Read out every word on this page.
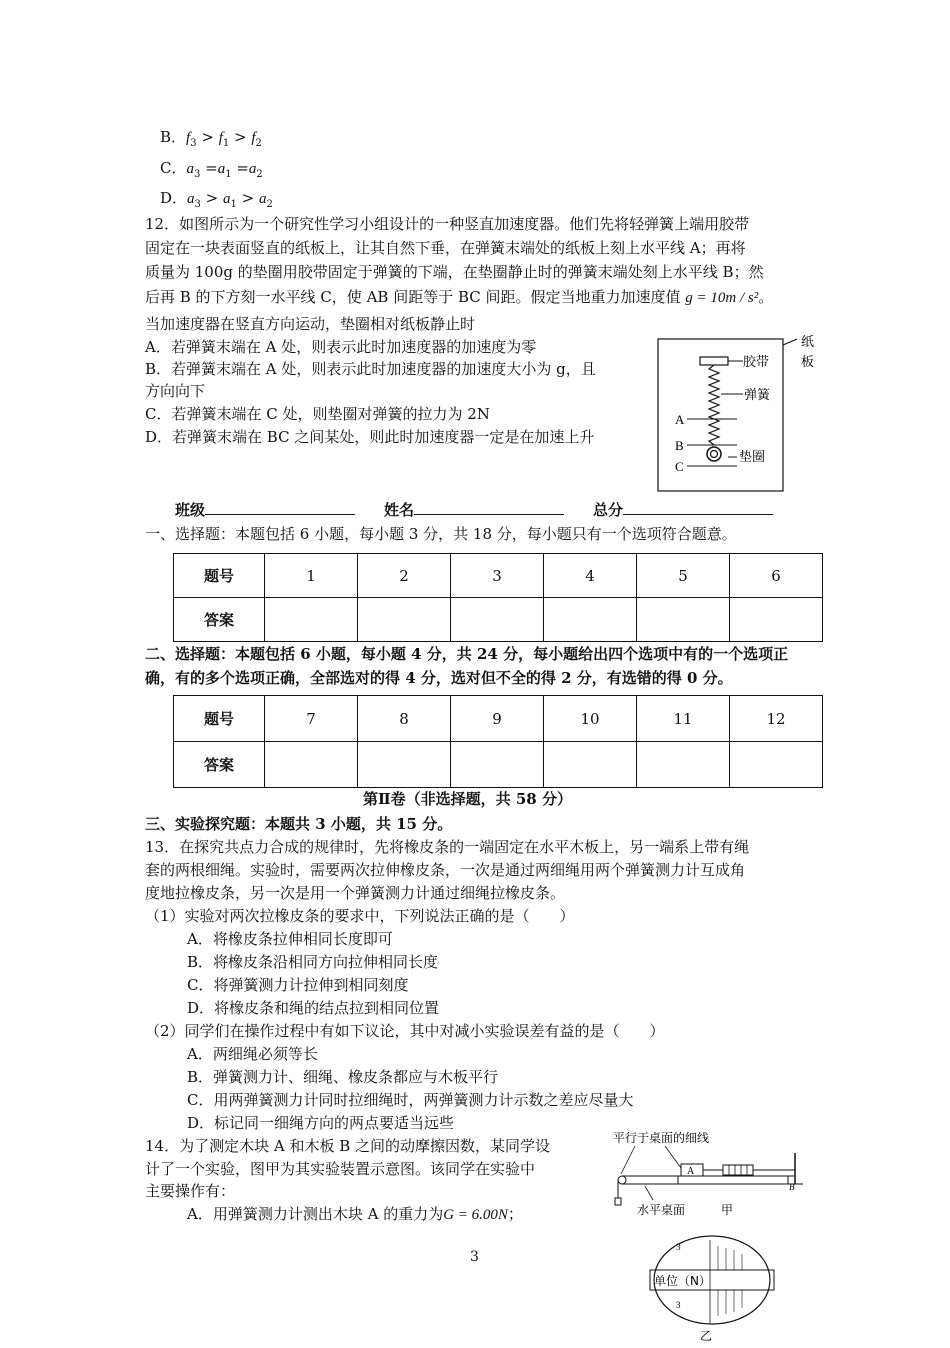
B．$f_3 > f_1 > f_2$
C．$a_3 =a_1 =a_2$
D．$a_3 > a_1 > a_2$
12．如图所示为一个研究性学习小组设计的一种竖直加速度器。他们先将轻弹簧上端用胶带
固定在一块表面竖直的纸板上，让其自然下垂，在弹簧末端处的纸板上刻上水平线 A；再将
质量为 100g 的垫圈用胶带固定于弹簧的下端，在垫圈静止时的弹簧末端处刻上水平线 B；然
后再 B 的下方刻一水平线 C，使 AB 间距等于 BC 间距。假定当地重力加速度值 g = 10m / s²。
当加速度器在竖直方向运动，垫圈相对纸板静止时
A．若弹簧末端在 A 处，则表示此时加速度器的加速度为零
B．若弹簧末端在 A 处，则表示此时加速度器的加速度大小为 g，且
方向向下
C．若弹簧末端在 C 处，则垫圈对弹簧的拉力为 2N
D．若弹簧末端在 BC 之间某处，则此时加速度器一定是在加速上升
胶带
弹簧
垫圈
A
B
C
纸
板
班级	姓名	总分
一、选择题：本题包括 6 小题，每小题 3 分，共 18 分，每小题只有一个选项符合题意。
题号	1	2	3	4	5	6
答案						
二、选择题：本题包括 6 小题，每小题 4 分，共 24 分，每小题给出四个选项中有的一个选项正
确，有的多个选项正确，全部选对的得 4 分，选对但不全的得 2 分，有选错的得 0 分。
题号	7	8	9	10	11	12
答案						
第Ⅱ卷（非选择题，共 58 分）
三、实验探究题：本题共 3 小题，共 15 分。
13．在探究共点力合成的规律时，先将橡皮条的一端固定在水平木板上，另一端系上带有绳
套的两根细绳。实验时，需要两次拉伸橡皮条，一次是通过两细绳用两个弹簧测力计互成角
度地拉橡皮条，另一次是用一个弹簧测力计通过细绳拉橡皮条。
（1）实验对两次拉橡皮条的要求中，下列说法正确的是（　　）
A．将橡皮条拉伸相同长度即可
B．将橡皮条沿相同方向拉伸相同长度
C．将弹簧测力计拉伸到相同刻度
D．将橡皮条和绳的结点拉到相同位置
（2）同学们在操作过程中有如下议论，其中对减小实验误差有益的是（　　）
A．两细绳必须等长
B．弹簧测力计、细绳、橡皮条都应与木板平行
C．用两弹簧测力计同时拉细绳时，两弹簧测力计示数之差应尽量大
D．标记同一细绳方向的两点要适当远些
14．为了测定木块 A 和木板 B 之间的动摩擦因数，某同学设
计了一个实验，图甲为其实验装置示意图。该同学在实验中
主要操作有：
A．用弹簧测力计测出木块 A 的重力为G = 6.00N；
平行于桌面的细线
A
B
水平桌面	甲
3
3
单位（N）
乙
3
